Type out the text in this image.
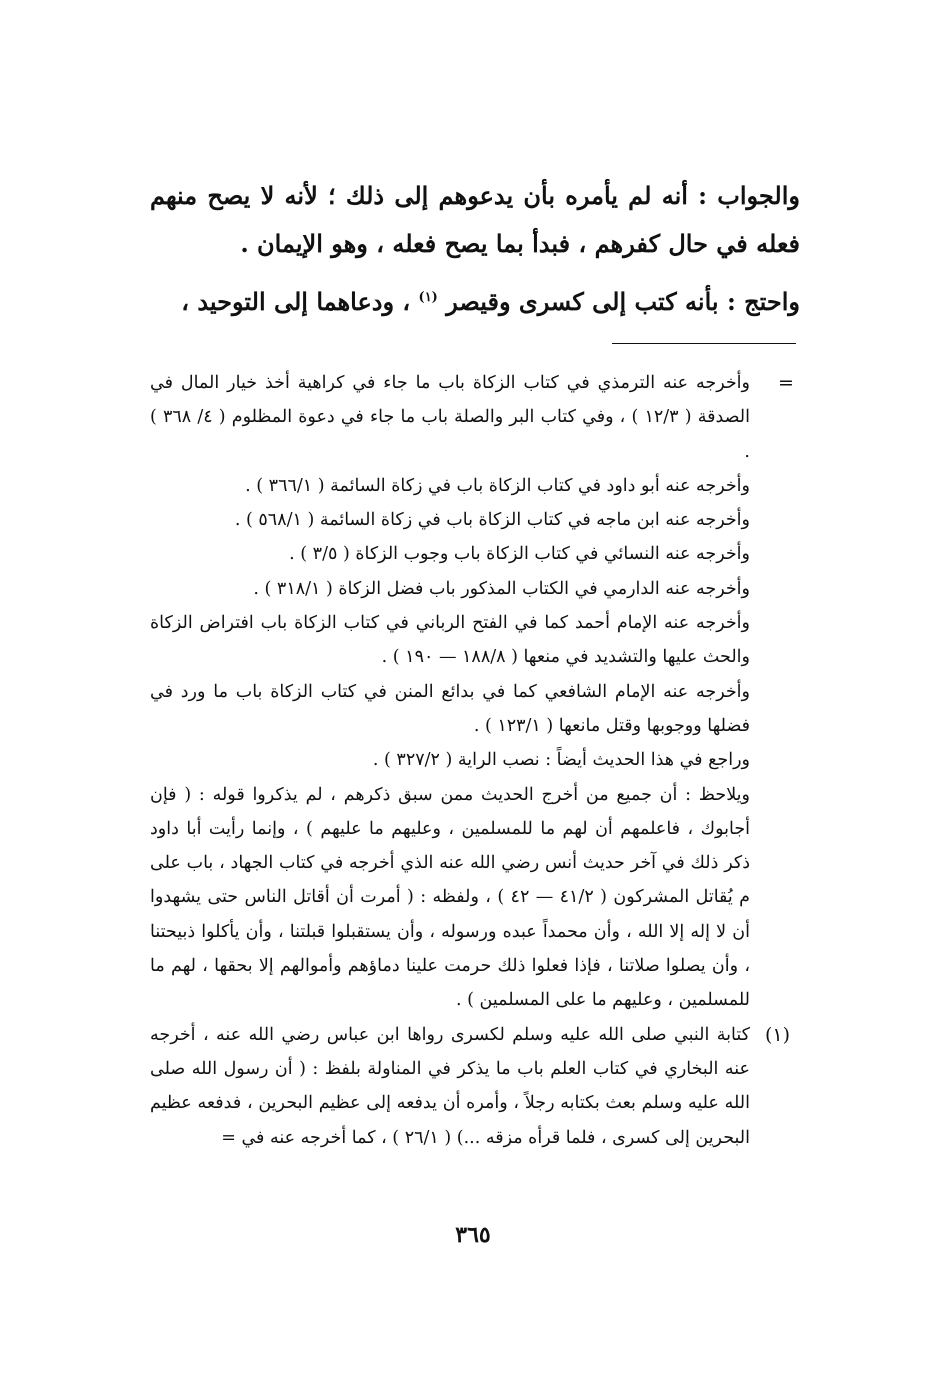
والجواب : أنه لم يأمره بأن يدعوهم إلى ذلك ؛ لأنه لا يصح منهم فعله في حال كفرهم ، فبدأ بما يصح فعله ، وهو الإيمان .

واحتج : بأنه كتب إلى كسرى وقيصر $^{(١)}$ ، ودعاهما إلى التوحيد ،

=

وأخرجه عنه الترمذي في كتاب الزكاة باب ما جاء في كراهية أخذ خيار المال في الصدقة ( ١٢/٣ ) ، وفي كتاب البر والصلة باب ما جاء في دعوة المظلوم ( ٤/ ٣٦٨ ) .

وأخرجه عنه أبو داود في كتاب الزكاة باب في زكاة السائمة ( ٣٦٦/١ ) .

وأخرجه عنه ابن ماجه في كتاب الزكاة باب في زكاة السائمة ( ٥٦٨/١ ) .

وأخرجه عنه النسائي في كتاب الزكاة باب وجوب الزكاة ( ٣/٥ ) .

وأخرجه عنه الدارمي في الكتاب المذكور باب فضل الزكاة ( ٣١٨/١ ) .

وأخرجه عنه الإمام أحمد كما في الفتح الرباني في كتاب الزكاة باب افتراض الزكاة والحث عليها والتشديد في منعها ( ١٨٨/٨ — ١٩٠ ) .

وأخرجه عنه الإمام الشافعي كما في بدائع المنن في كتاب الزكاة باب ما ورد في فضلها ووجوبها وقتل مانعها ( ١٢٣/١ ) .

وراجع في هذا الحديث أيضاً : نصب الراية ( ٣٢٧/٢ ) .

ويلاحظ : أن جميع من أخرج الحديث ممن سبق ذكرهم ، لم يذكروا قوله : ( فإن أجابوك ، فاعلمهم أن لهم ما للمسلمين ، وعليهم ما عليهم ) ، وإنما رأيت أبا داود ذكر ذلك في آخر حديث أنس رضي الله عنه الذي أخرجه في كتاب الجهاد ، باب على م يُقاتل المشركون ( ٤١/٢ — ٤٢ ) ، ولفظه : ( أمرت أن أقاتل الناس حتى يشهدوا أن لا إله إلا الله ، وأن محمداً عبده ورسوله ، وأن يستقبلوا قبلتنا ، وأن يأكلوا ذبيحتنا ، وأن يصلوا صلاتنا ، فإذا فعلوا ذلك حرمت علينا دماؤهم وأموالهم إلا بحقها ، لهم ما للمسلمين ، وعليهم ما على المسلمين ) .

كتابة النبي صلى الله عليه وسلم لكسرى رواها ابن عباس رضي الله عنه ، أخرجه عنه البخاري في كتاب العلم باب ما يذكر في المناولة بلفظ : ( أن رسول الله صلى الله عليه وسلم بعث بكتابه رجلاً ، وأمره أن يدفعه إلى عظيم البحرين ، فدفعه عظيم البحرين إلى كسرى ، فلما قرأه مزقه ...) ( ٢٦/١ ) ، كما أخرجه عنه في =

(١)
٣٦٥
